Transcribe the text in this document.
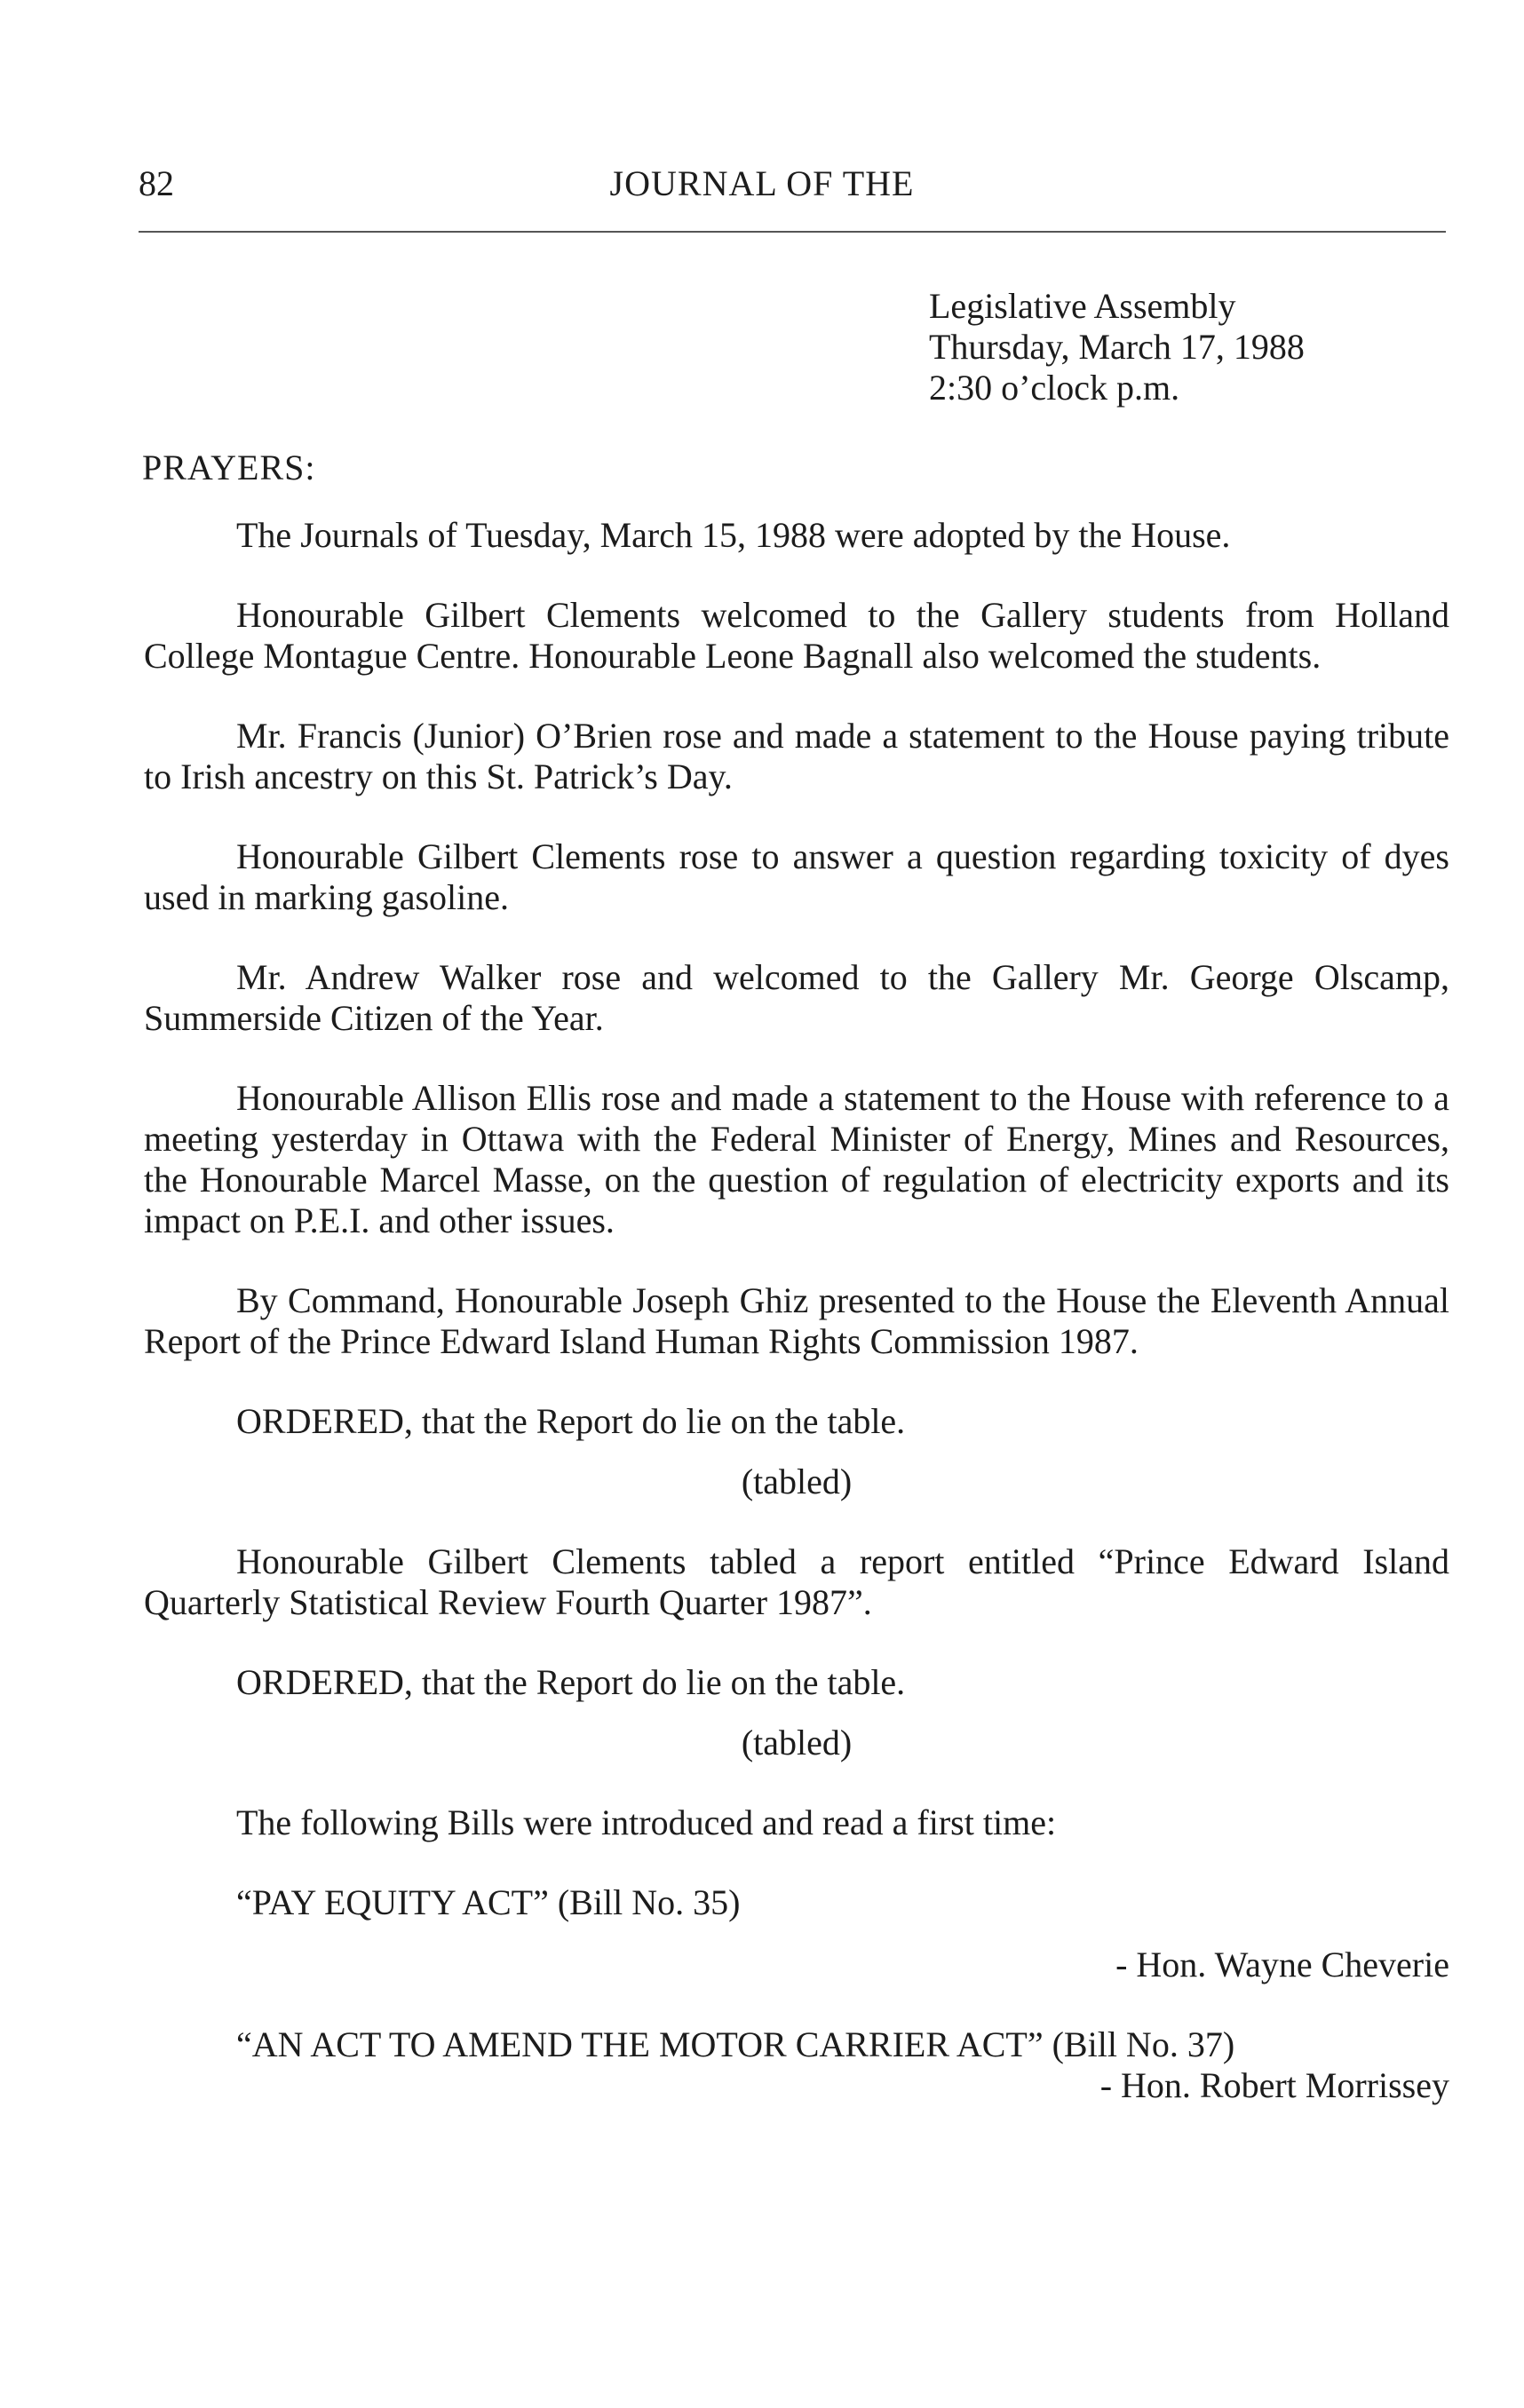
82	JOURNAL OF THE
Legislative Assembly
Thursday, March 17, 1988
2:30 o’clock p.m.
PRAYERS:

The Journals of Tuesday, March 15, 1988 were adopted by the House.

Honourable Gilbert Clements welcomed to the Gallery students from Holland College Montague Centre. Honourable Leone Bagnall also welcomed the students.

Mr. Francis (Junior) O’Brien rose and made a statement to the House paying tribute to Irish ancestry on this St. Patrick’s Day.

Honourable Gilbert Clements rose to answer a question regarding toxicity of dyes used in marking gasoline.

Mr. Andrew Walker rose and welcomed to the Gallery Mr. George Olscamp, Summerside Citizen of the Year.

Honourable Allison Ellis rose and made a statement to the House with reference to a meeting yesterday in Ottawa with the Federal Minister of Energy, Mines and Resources, the Honourable Marcel Masse, on the question of regulation of electricity exports and its impact on P.E.I. and other issues.

By Command, Honourable Joseph Ghiz presented to the House the Eleventh Annual Report of the Prince Edward Island Human Rights Commission 1987.

ORDERED, that the Report do lie on the table.

(tabled)

Honourable Gilbert Clements tabled a report entitled “Prince Edward Island Quarterly Statistical Review Fourth Quarter 1987”.

ORDERED, that the Report do lie on the table.

(tabled)

The following Bills were introduced and read a first time:

“PAY EQUITY ACT” (Bill No. 35)

- Hon. Wayne Cheverie

“AN ACT TO AMEND THE MOTOR CARRIER ACT” (Bill No. 37)

- Hon. Robert Morrissey
